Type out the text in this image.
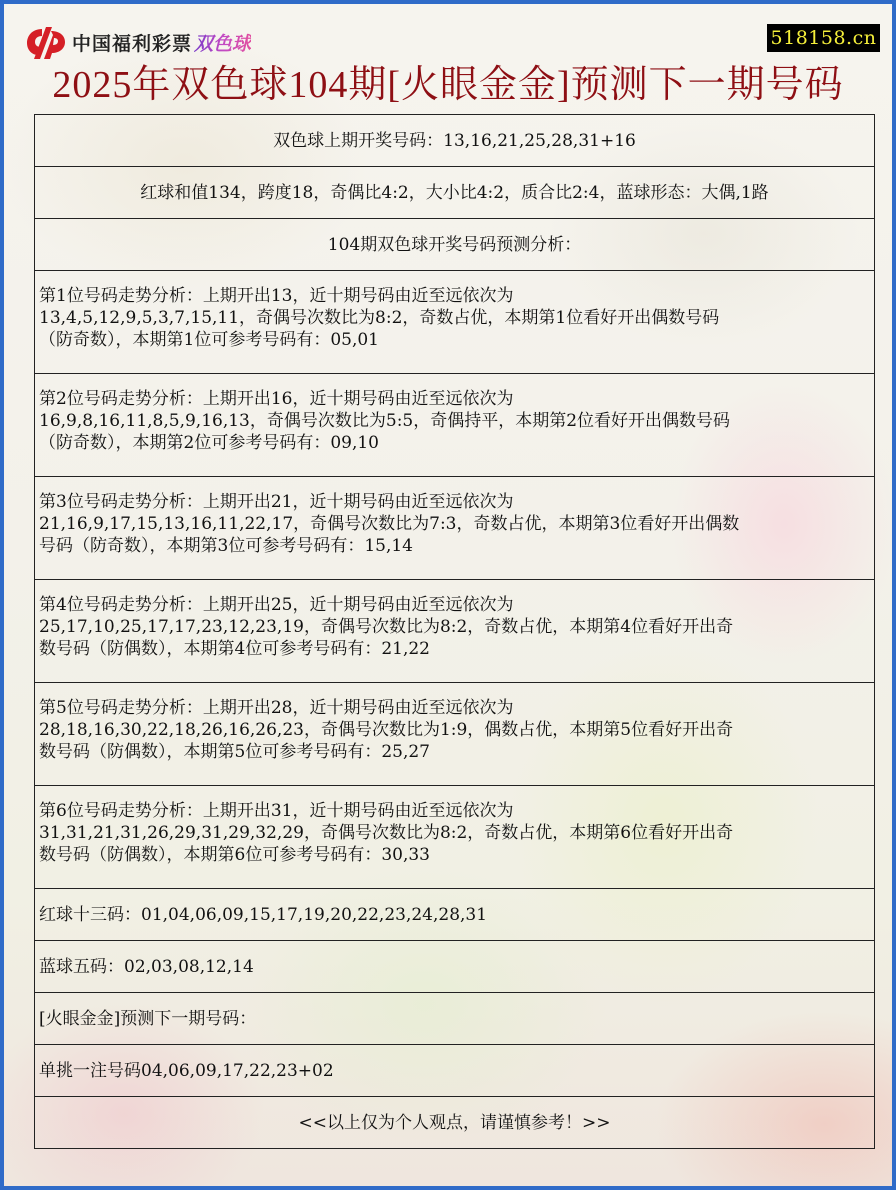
中国福利彩票 双色球	518158.cn
2025年双色球104期[火眼金金]预测下一期号码
双色球上期开奖号码：13,16,21,25,28,31+16
红球和值134，跨度18，奇偶比4:2，大小比4:2，质合比2:4，蓝球形态：大偶,1路
104期双色球开奖号码预测分析：

第1位号码走势分析：上期开出13，近十期号码由近至远依次为
13,4,5,12,9,5,3,7,15,11，奇偶号次数比为8:2，奇数占优，本期第1位看好开出偶数号码
（防奇数），本期第1位可参考号码有：05,01

第2位号码走势分析：上期开出16，近十期号码由近至远依次为
16,9,8,16,11,8,5,9,16,13，奇偶号次数比为5:5，奇偶持平，本期第2位看好开出偶数号码
（防奇数），本期第2位可参考号码有：09,10

第3位号码走势分析：上期开出21，近十期号码由近至远依次为
21,16,9,17,15,13,16,11,22,17，奇偶号次数比为7:3，奇数占优，本期第3位看好开出偶数
号码（防奇数），本期第3位可参考号码有：15,14

第4位号码走势分析：上期开出25，近十期号码由近至远依次为
25,17,10,25,17,17,23,12,23,19，奇偶号次数比为8:2，奇数占优，本期第4位看好开出奇
数号码（防偶数），本期第4位可参考号码有：21,22

第5位号码走势分析：上期开出28，近十期号码由近至远依次为
28,18,16,30,22,18,26,16,26,23，奇偶号次数比为1:9，偶数占优，本期第5位看好开出奇
数号码（防偶数），本期第5位可参考号码有：25,27

第6位号码走势分析：上期开出31，近十期号码由近至远依次为
31,31,21,31,26,29,31,29,32,29，奇偶号次数比为8:2，奇数占优，本期第6位看好开出奇
数号码（防偶数），本期第6位可参考号码有：30,33

红球十三码：01,04,06,09,15,17,19,20,22,23,24,28,31
蓝球五码：02,03,08,12,14
[火眼金金]预测下一期号码：
单挑一注号码04,06,09,17,22,23+02
<<以上仅为个人观点，请谨慎参考！>>
